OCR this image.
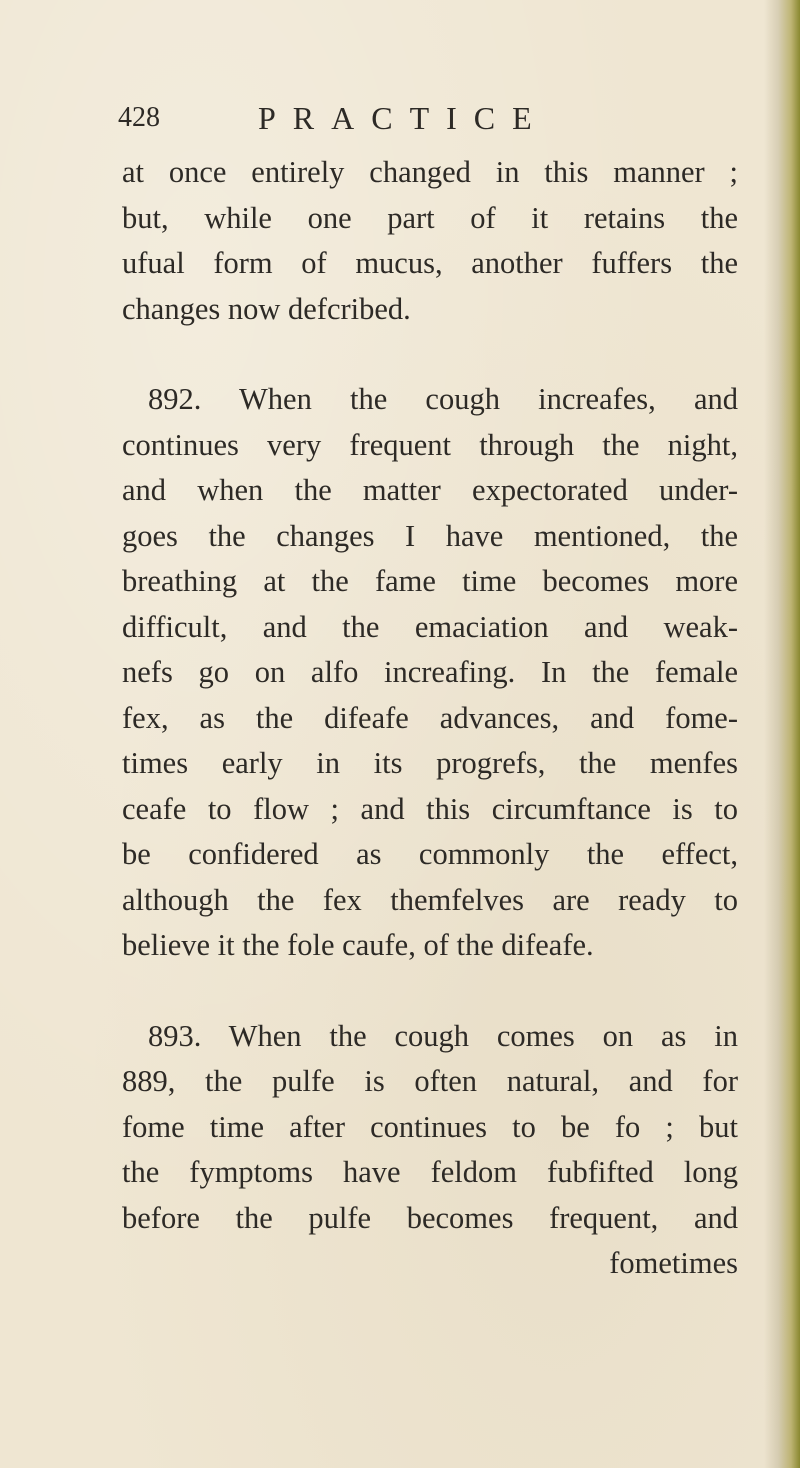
428	PRACTICE
at once entirely changed in this manner ;
but, while one part of it retains the
ufual form of mucus, another fuffers the
changes now defcribed.
892. When the cough increafes, and
continues very frequent through the night,
and when the matter expectorated under-
goes the changes I have mentioned, the
breathing at the fame time becomes more
difficult, and the emaciation and weak-
nefs go on alfo increafing. In the female
fex, as the difeafe advances, and fome-
times early in its progrefs, the menfes
ceafe to flow ; and this circumftance is to
be confidered as commonly the effect,
although the fex themfelves are ready to
believe it the fole caufe, of the difeafe.
893. When the cough comes on as in
889, the pulfe is often natural, and for
fome time after continues to be fo ; but
the fymptoms have feldom fubfifted long
before the pulfe becomes frequent, and
fometimes
